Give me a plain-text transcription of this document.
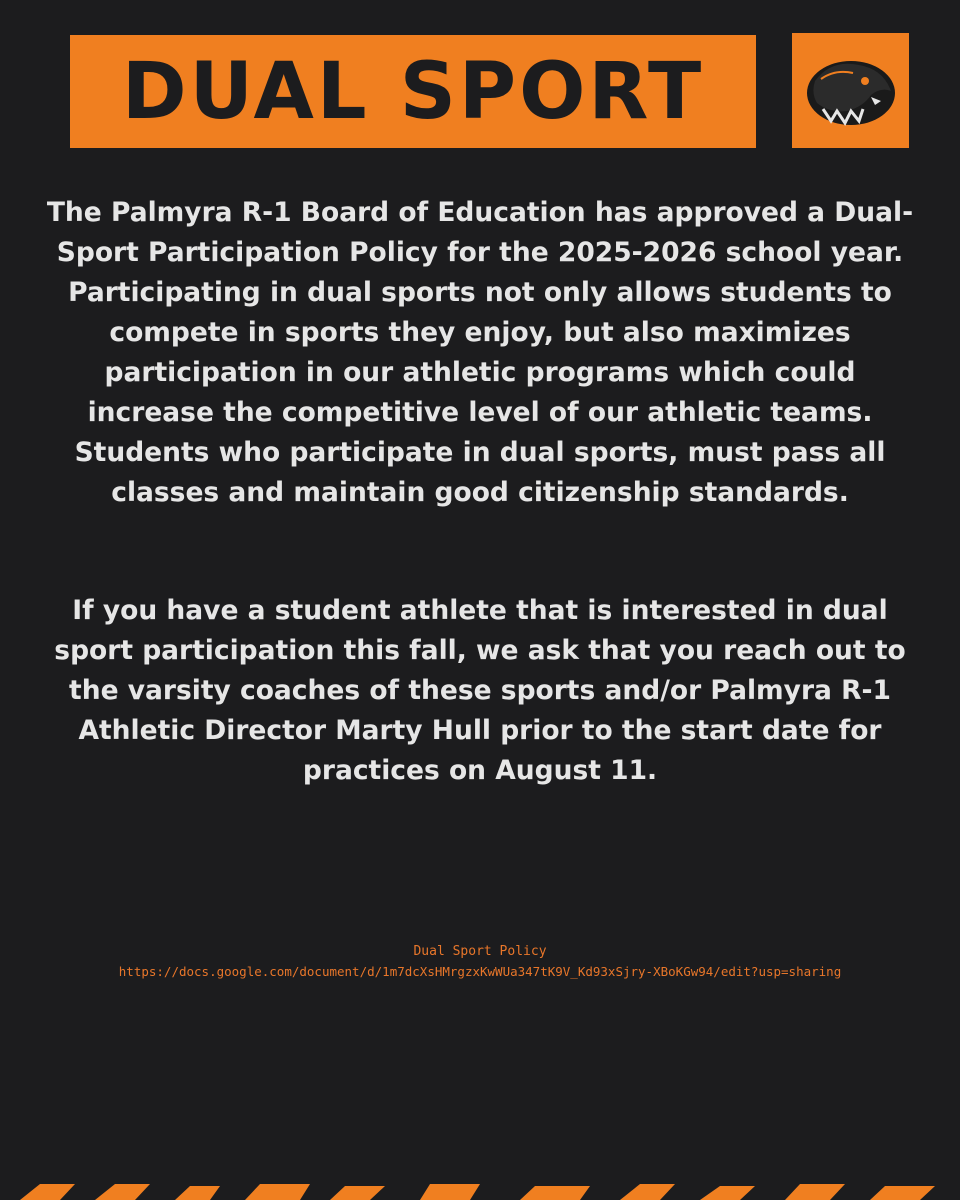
DUAL SPORT

The Palmyra R-1 Board of Education has approved a Dual-Sport Participation Policy for the 2025-2026 school year. Participating in dual sports not only allows students to compete in sports they enjoy, but also maximizes participation in our athletic programs which could increase the competitive level of our athletic teams. Students who participate in dual sports, must pass all classes and maintain good citizenship standards.

If you have a student athlete that is interested in dual sport participation this fall, we ask that you reach out to the varsity coaches of these sports and/or Palmyra R-1 Athletic Director Marty Hull prior to the start date for practices on August 11.

Dual Sport Policy
https://docs.google.com/document/d/1m7dcXsHMrgzxKwWUa347tK9V_Kd93xSjry-XBoKGw94/edit?usp=sharing
